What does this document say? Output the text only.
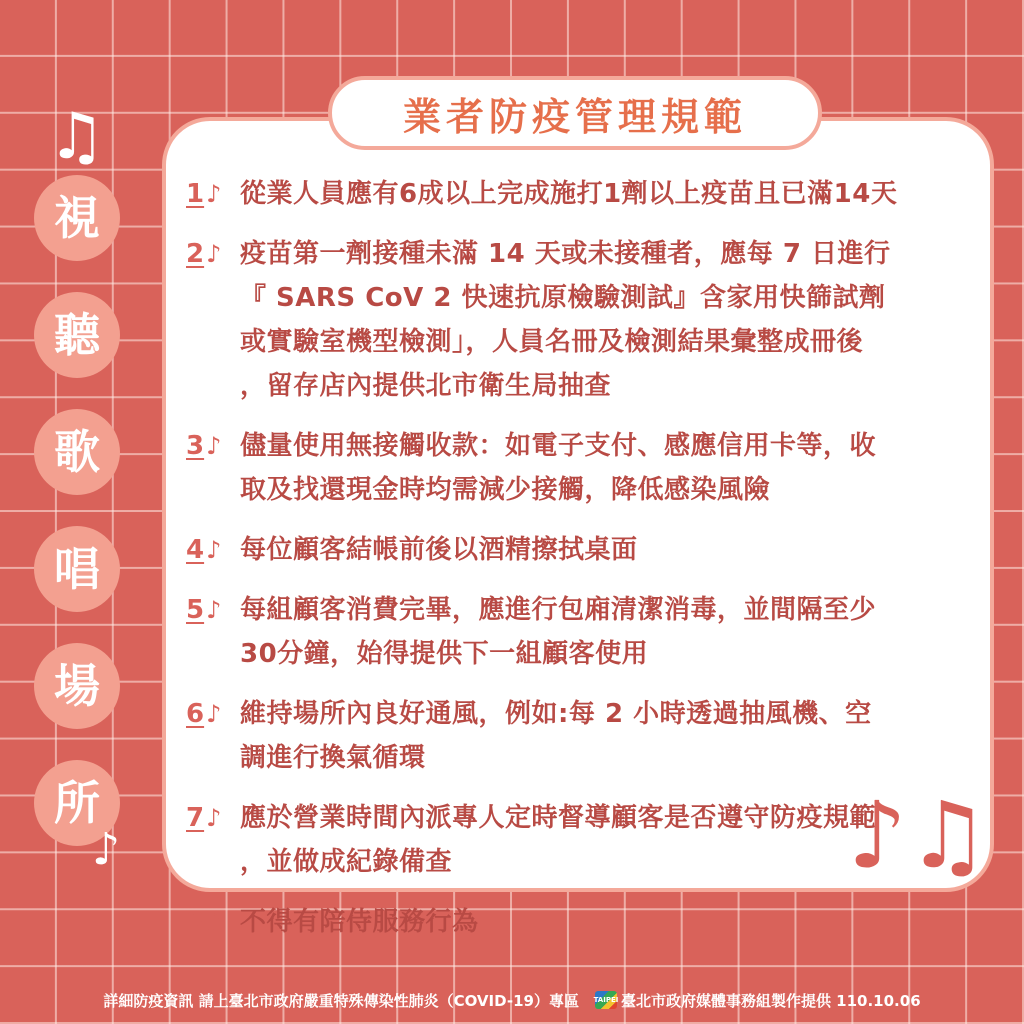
♫
視
聽
歌
唱
場
所
♪
業者防疫管理規範
1♪ 從業人員應有6成以上完成施打1劑以上疫苗且已滿14天
2♪ 疫苗第一劑接種未滿 14 天或未接種者，應每 7 日進行
『 SARS CoV 2 快速抗原檢驗測試』含家用快篩試劑
或實驗室機型檢測」，人員名冊及檢測結果彙整成冊後
，留存店內提供北市衛生局抽查
3♪ 儘量使用無接觸收款：如電子支付、感應信用卡等，收
取及找還現金時均需減少接觸，降低感染風險
4♪ 每位顧客結帳前後以酒精擦拭桌面
5♪ 每組顧客消費完畢，應進行包廂清潔消毒，並間隔至少
30分鐘，始得提供下一組顧客使用
6♪ 維持場所內良好通風，例如:每 2 小時透過抽風機、空
調進行換氣循環
7♪ 應於營業時間內派專人定時督導顧客是否遵守防疫規範
，並做成紀錄備查
8♪ 不得有陪侍服務行為
♪♫
詳細防疫資訊 請上臺北市政府嚴重特殊傳染性肺炎（COVID-19）專區 TAIPEI 臺北市政府媒體事務組製作提供 110.10.06
